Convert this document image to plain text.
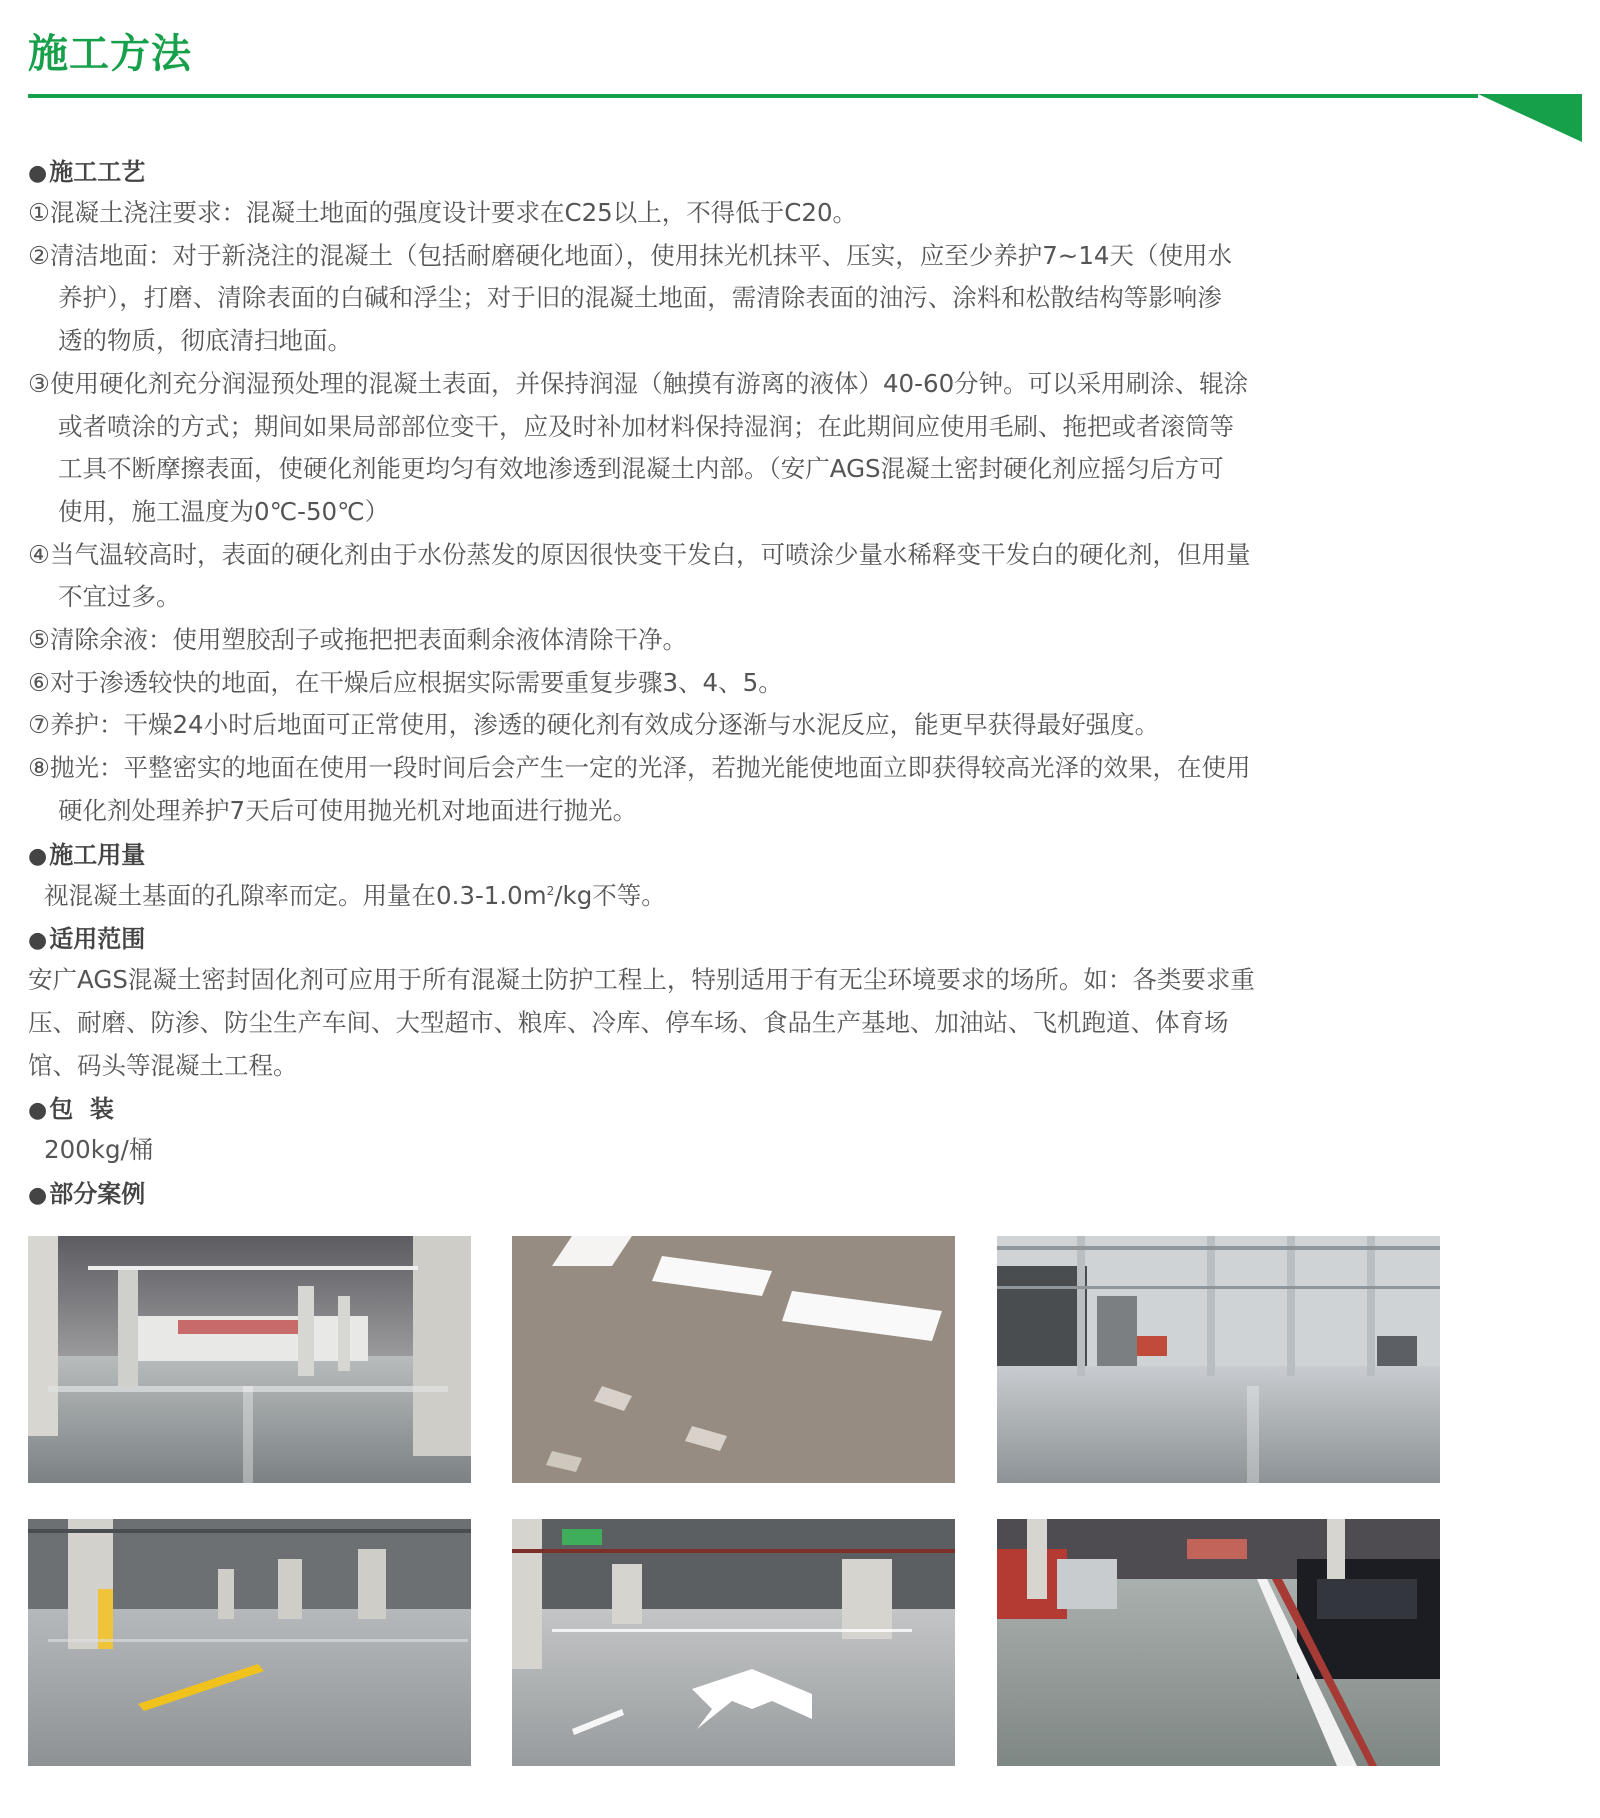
施工方法
●施工工艺
①混凝土浇注要求：混凝土地面的强度设计要求在C25以上，不得低于C20。
②清洁地面：对于新浇注的混凝土（包括耐磨硬化地面），使用抹光机抹平、压实，应至少养护7~14天（使用水
养护），打磨、清除表面的白碱和浮尘；对于旧的混凝土地面，需清除表面的油污、涂料和松散结构等影响渗
透的物质，彻底清扫地面。
③使用硬化剂充分润湿预处理的混凝土表面，并保持润湿（触摸有游离的液体）40-60分钟。可以采用刷涂、辊涂
或者喷涂的方式；期间如果局部部位变干，应及时补加材料保持湿润；在此期间应使用毛刷、拖把或者滚筒等
工具不断摩擦表面，使硬化剂能更均匀有效地渗透到混凝土内部。（安广AGS混凝土密封硬化剂应摇匀后方可
使用，施工温度为0℃-50℃）
④当气温较高时，表面的硬化剂由于水份蒸发的原因很快变干发白，可喷涂少量水稀释变干发白的硬化剂，但用量
不宜过多。
⑤清除余液：使用塑胶刮子或拖把把表面剩余液体清除干净。
⑥对于渗透较快的地面，在干燥后应根据实际需要重复步骤3、4、5。
⑦养护：干燥24小时后地面可正常使用，渗透的硬化剂有效成分逐渐与水泥反应，能更早获得最好强度。
⑧抛光：平整密实的地面在使用一段时间后会产生一定的光泽，若抛光能使地面立即获得较高光泽的效果，在使用
硬化剂处理养护7天后可使用抛光机对地面进行抛光。
●施工用量
视混凝土基面的孔隙率而定。用量在$0.3-1.0m^2/kg$不等。
●适用范围
安广AGS混凝土密封固化剂可应用于所有混凝土防护工程上，特别适用于有无尘环境要求的场所。如：各类要求重
压、耐磨、防渗、防尘生产车间、大型超市、粮库、冷库、停车场、食品生产基地、加油站、飞机跑道、体育场
馆、码头等混凝土工程。
●包  装
200kg/桶
●部分案例
